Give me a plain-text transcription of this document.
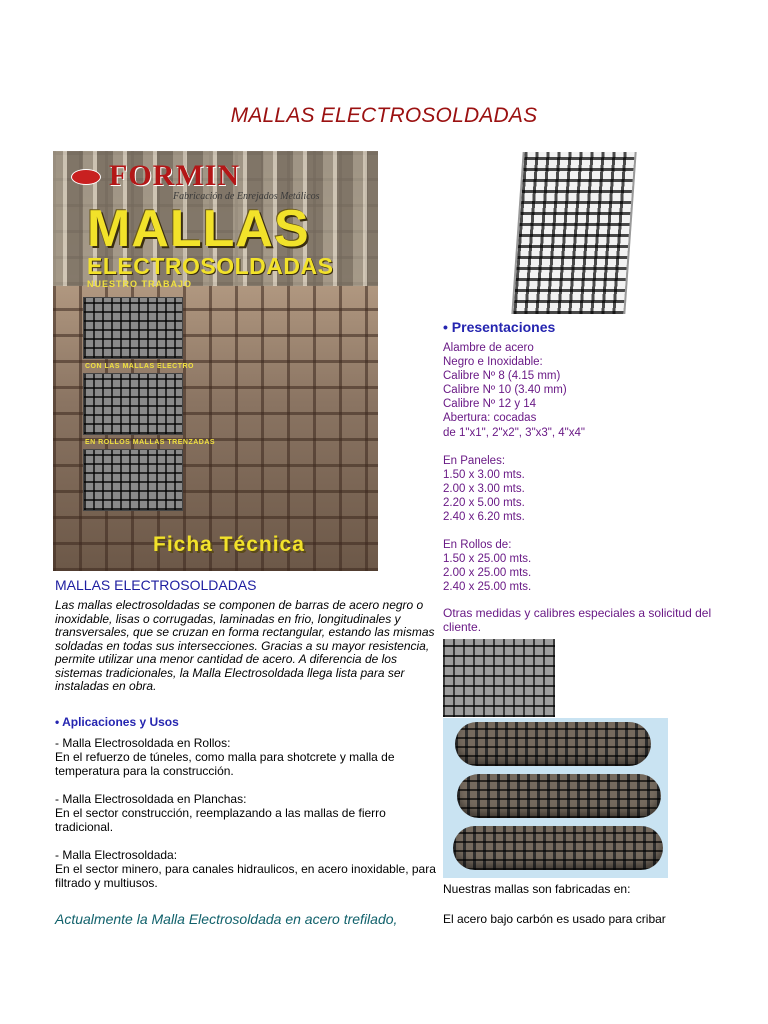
MALLAS ELECTROSOLDADAS
FORMIN
Fabricación de Enrejados Metálicos
MALLAS
ELECTROSOLDADAS
NUESTRO TRABAJO
CON LAS MALLAS ELECTRO
EN ROLLOS MALLAS TRENZADAS
Ficha Técnica
• Presentaciones
Alambre de acero
Negro e Inoxidable:
Calibre Nº 8 (4.15 mm)
Calibre Nº 10 (3.40 mm)
Calibre Nº 12 y 14
Abertura: cocadas
de 1"x1", 2"x2", 3"x3", 4"x4"
En Paneles:
1.50 x 3.00 mts.
2.00 x 3.00 mts.
2.20 x 5.00 mts.
2.40 x 6.20 mts.
En Rollos de:
1.50 x 25.00 mts.
2.00 x 25.00 mts.
2.40 x 25.00 mts.
Otras medidas y calibres especiales a solicitud del cliente.
Nuestras mallas son fabricadas en:
El acero bajo carbón es usado para cribar
MALLAS ELECTROSOLDADAS
Las mallas electrosoldadas se componen de barras de acero negro o inoxidable, lisas o corrugadas, laminadas en frio, longitudinales y transversales, que se cruzan en forma rectangular, estando las mismas soldadas en todas sus intersecciones. Gracias a su mayor resistencia, permite utilizar una menor cantidad de acero. A diferencia de los sistemas tradicionales, la Malla Electrosoldada llega lista para ser instaladas en obra.
• Aplicaciones y Usos
- Malla Electrosoldada en Rollos:
En el refuerzo de túneles, como malla para shotcrete y malla de temperatura para la construcción.
- Malla Electrosoldada en Planchas:
En el sector construcción, reemplazando a las mallas de fierro tradicional.
- Malla Electrosoldada:
En el sector minero, para canales hidraulicos, en acero inoxidable, para filtrado y multiusos.
Actualmente la Malla Electrosoldada en acero trefilado,
